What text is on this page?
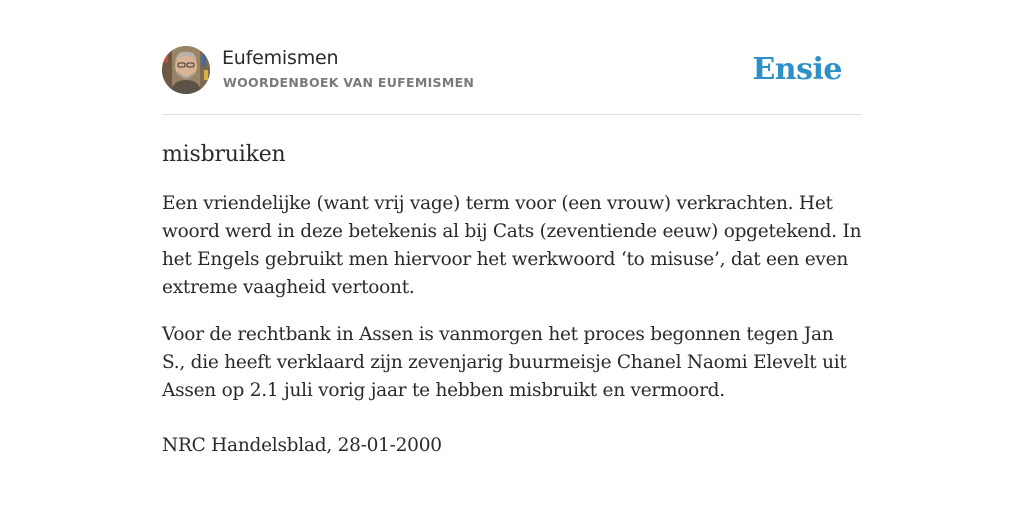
Eufemismen
WOORDENBOEK VAN EUFEMISMEN	Ensie
misbruiken

Een vriendelijke (want vrij vage) term voor (een vrouw) verkrachten. Het woord werd in deze betekenis al bij Cats (zeventiende eeuw) opgetekend. In het Engels gebruikt men hiervoor het werkwoord ‘to misuse’, dat een even extreme vaagheid vertoont.

Voor de rechtbank in Assen is vanmorgen het proces begonnen tegen Jan S., die heeft verklaard zijn zevenjarig buurmeisje Chanel Naomi Elevelt uit Assen op 2.1 juli vorig jaar te hebben misbruikt en vermoord.

NRC Handelsblad, 28-01-2000
